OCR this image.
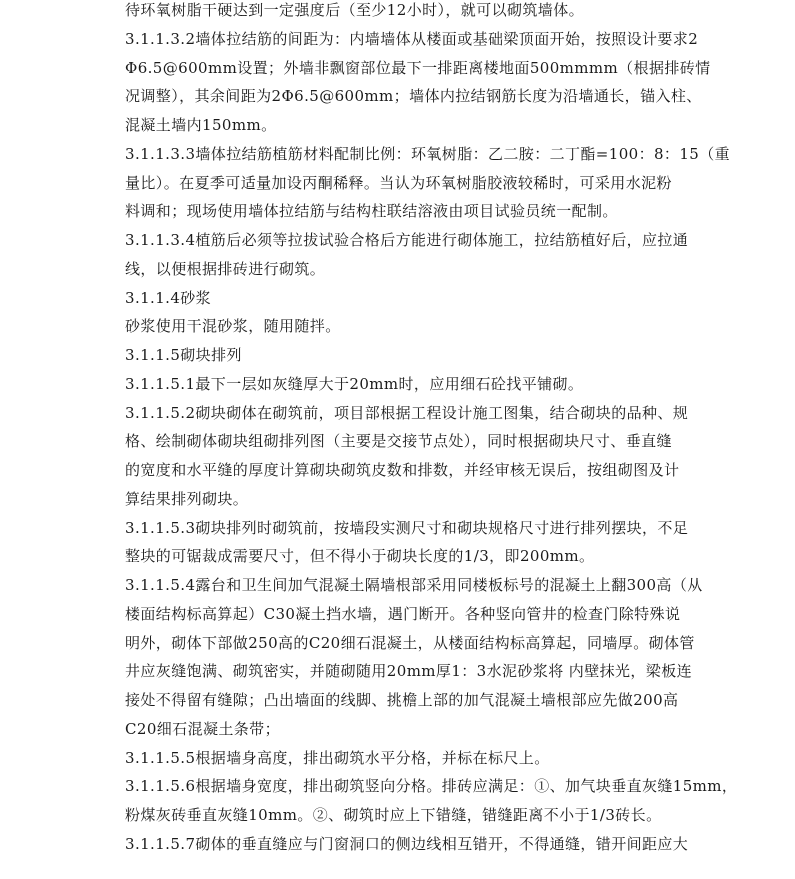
待环氧树脂干硬达到一定强度后（至少12小时），就可以砌筑墙体。
3.1.1.3.2墙体拉结筋的间距为：内墙墙体从楼面或基础梁顶面开始，按照设计要求2
Φ6.5@600mm设置；外墙非飘窗部位最下一排距离楼地面500mmmm（根据排砖情
况调整），其余间距为2Φ6.5@600mm；墙体内拉结钢筋长度为沿墙通长，锚入柱、
混凝土墙内150mm。
3.1.1.3.3墙体拉结筋植筋材料配制比例：环氧树脂：乙二胺：二丁酯=100：8：15（重
量比）。在夏季可适量加设丙酮稀释。当认为环氧树脂胶液较稀时，可采用水泥粉
料调和；现场使用墙体拉结筋与结构柱联结溶液由项目试验员统一配制。
3.1.1.3.4植筋后必须等拉拔试验合格后方能进行砌体施工，拉结筋植好后，应拉通
线，以便根据排砖进行砌筑。
3.1.1.4砂浆
砂浆使用干混砂浆，随用随拌。
3.1.1.5砌块排列
3.1.1.5.1最下一层如灰缝厚大于20mm时，应用细石砼找平铺砌。
3.1.1.5.2砌块砌体在砌筑前，项目部根据工程设计施工图集，结合砌块的品种、规
格、绘制砌体砌块组砌排列图（主要是交接节点处），同时根据砌块尺寸、垂直缝
的宽度和水平缝的厚度计算砌块砌筑皮数和排数，并经审核无误后，按组砌图及计
算结果排列砌块。
3.1.1.5.3砌块排列时砌筑前，按墙段实测尺寸和砌块规格尺寸进行排列摆块，不足
整块的可锯裁成需要尺寸，但不得小于砌块长度的1/3，即200mm。
3.1.1.5.4露台和卫生间加气混凝土隔墙根部采用同楼板标号的混凝土上翻300高（从
楼面结构标高算起）C30凝土挡水墙，遇门断开。各种竖向管井的检查门除特殊说
明外，砌体下部做250高的C20细石混凝土，从楼面结构标高算起，同墙厚。砌体管
井应灰缝饱满、砌筑密实，并随砌随用20mm厚1：3水泥砂浆将 内壁抹光，梁板连
接处不得留有缝隙；凸出墙面的线脚、挑檐上部的加气混凝土墙根部应先做200高
C20细石混凝土条带；
3.1.1.5.5根据墙身高度，排出砌筑水平分格，并标在标尺上。
3.1.1.5.6根据墙身宽度，排出砌筑竖向分格。排砖应满足：①、加气块垂直灰缝15mm，
粉煤灰砖垂直灰缝10mm。②、砌筑时应上下错缝，错缝距离不小于1/3砖长。
3.1.1.5.7砌体的垂直缝应与门窗洞口的侧边线相互错开，不得通缝，错开间距应大
